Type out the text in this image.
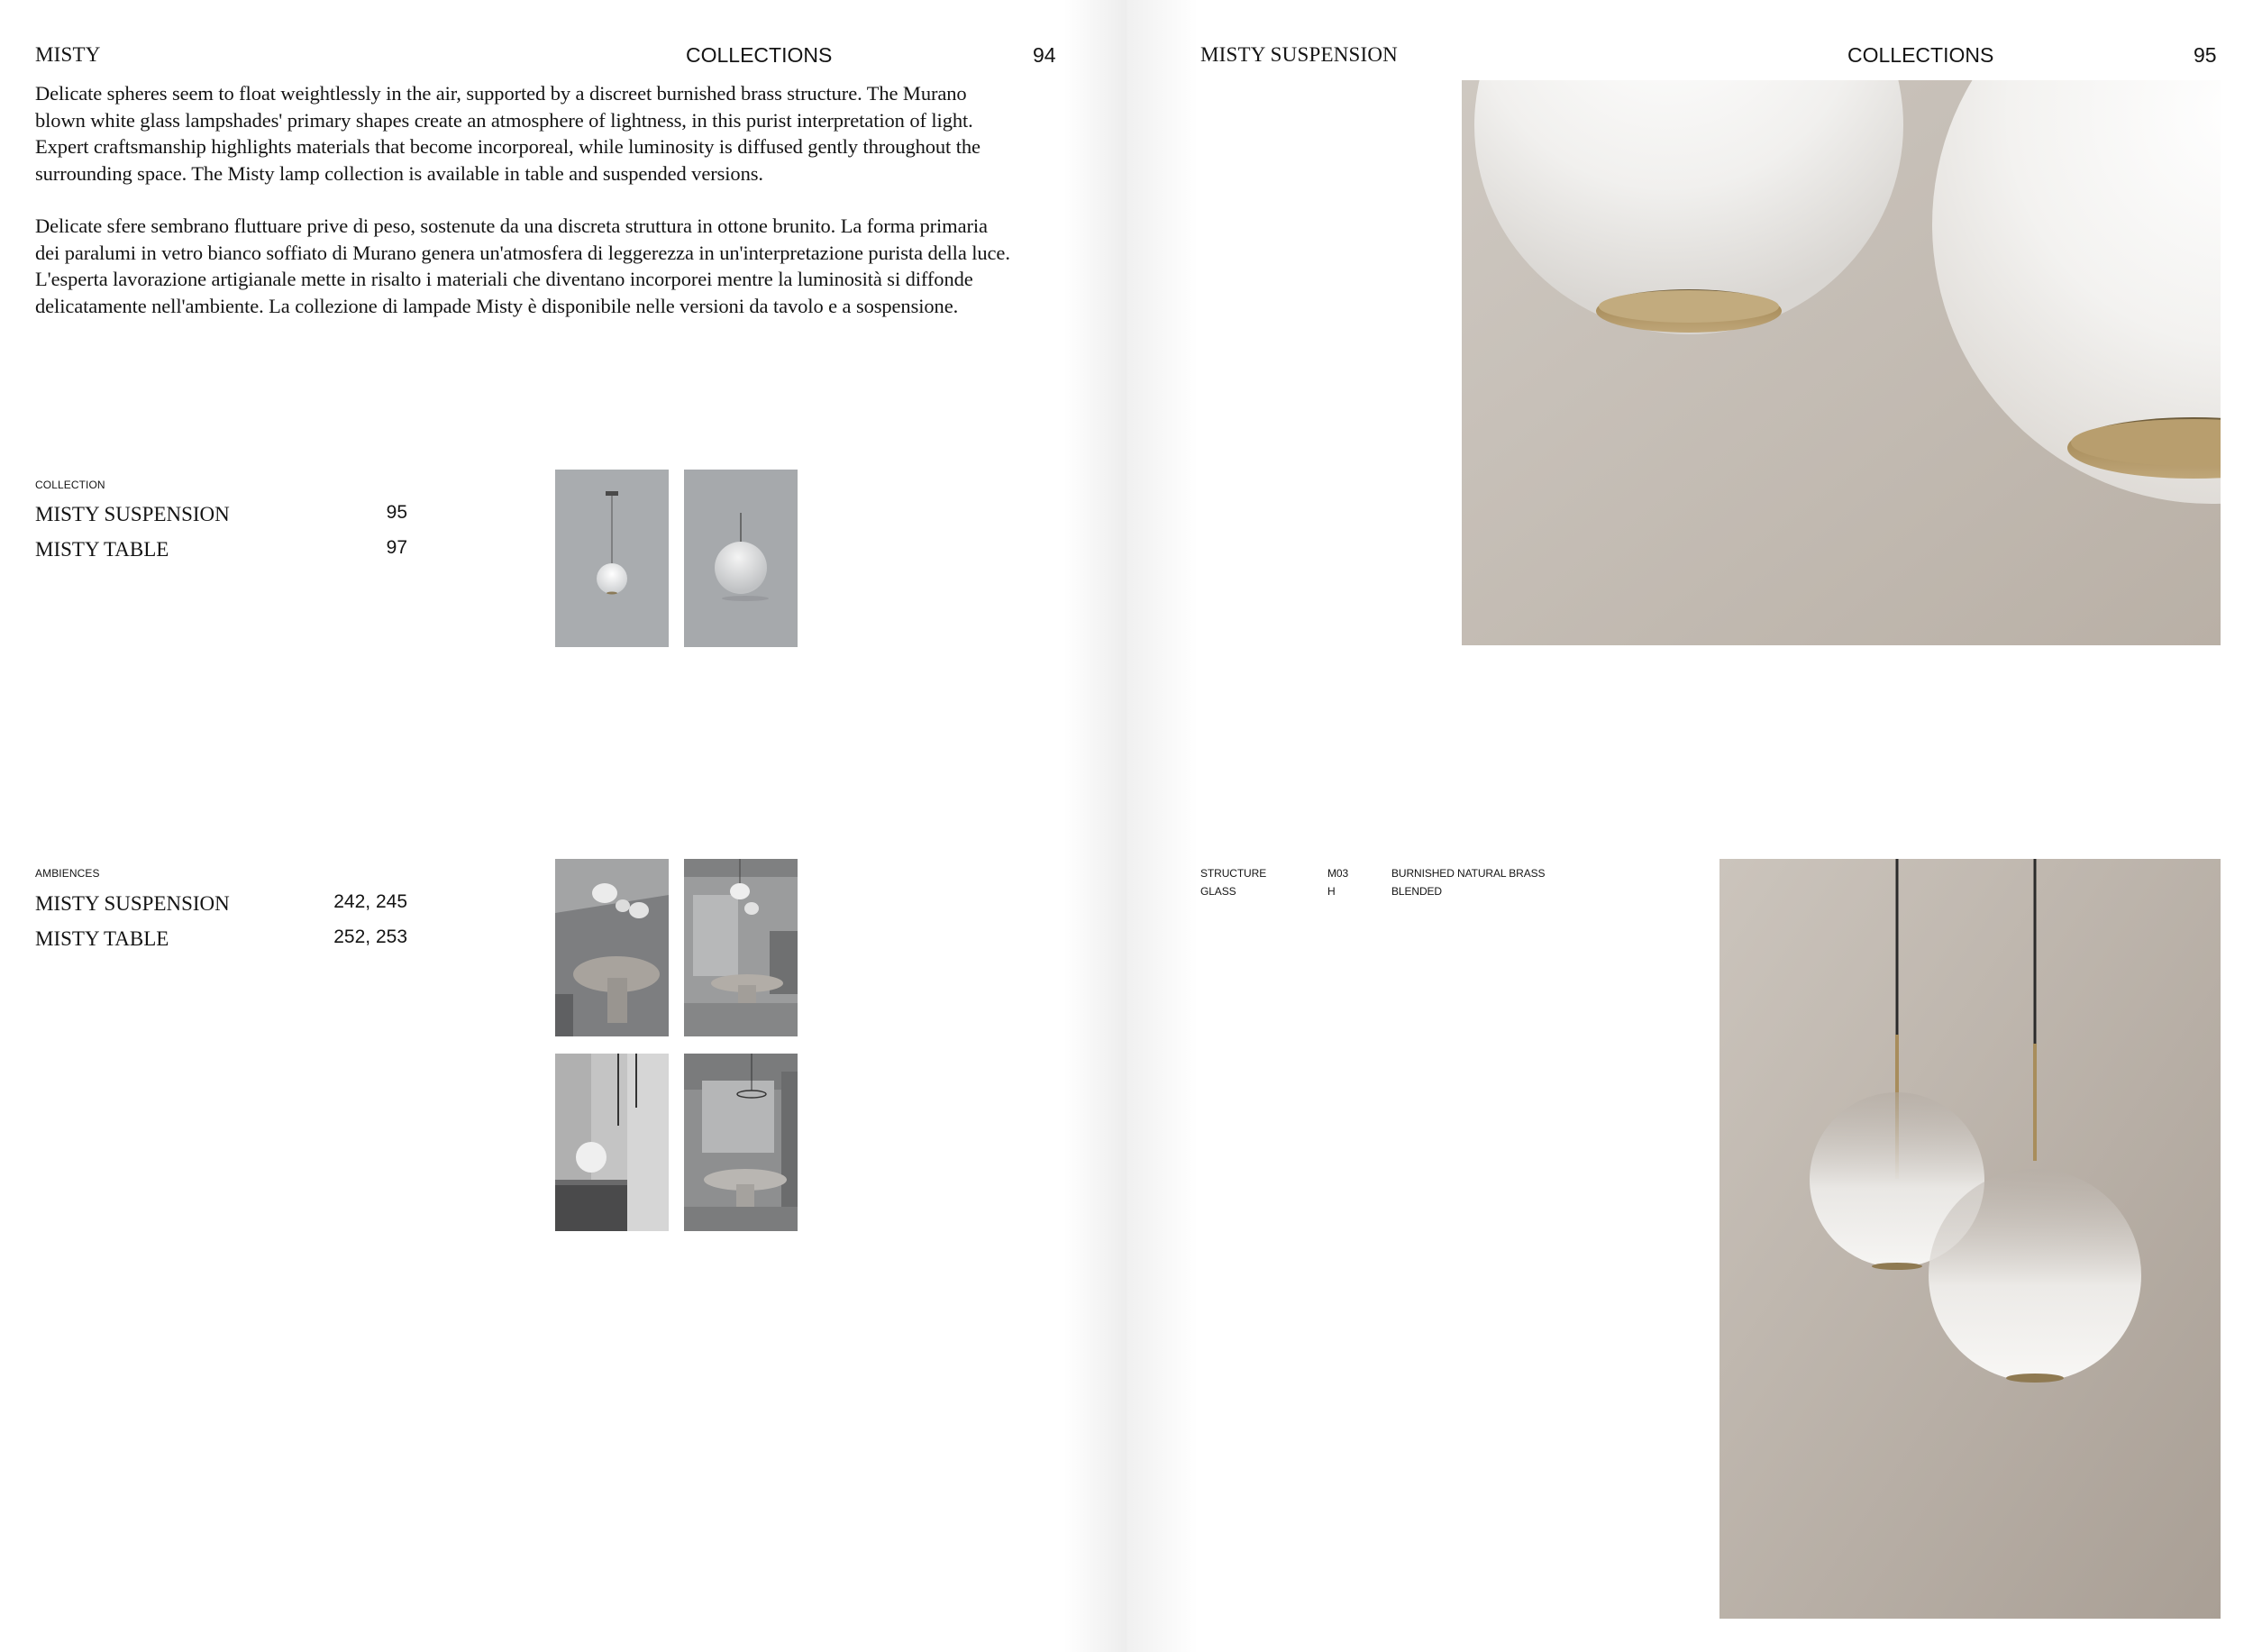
MISTY	COLLECTIONS	94
Delicate spheres seem to float weightlessly in the air, supported by a discreet burnished brass structure. The Murano
blown white glass lampshades' primary shapes create an atmosphere of lightness, in this purist interpretation of light.
Expert craftsmanship highlights materials that become incorporeal, while luminosity is diffused gently throughout the
surrounding space. The Misty lamp collection is available in table and suspended versions.
Delicate sfere sembrano fluttuare prive di peso, sostenute da una discreta struttura in ottone brunito. La forma primaria
dei paralumi in vetro bianco soffiato di Murano genera un'atmosfera di leggerezza in un'interpretazione purista della luce.
L'esperta lavorazione artigianale mette in risalto i materiali che diventano incorporei mentre la luminosità si diffonde
delicatamente nell'ambiente. La collezione di lampade Misty è disponibile nelle versioni da tavolo e a sospensione.
COLLECTION
MISTY SUSPENSION	95
MISTY TABLE	97
AMBIENCES
MISTY SUSPENSION	242, 245
MISTY TABLE	252, 253
MISTY SUSPENSION	COLLECTIONS	95
STRUCTURE	M03	BURNISHED NATURAL BRASS
GLASS	H	BLENDED
